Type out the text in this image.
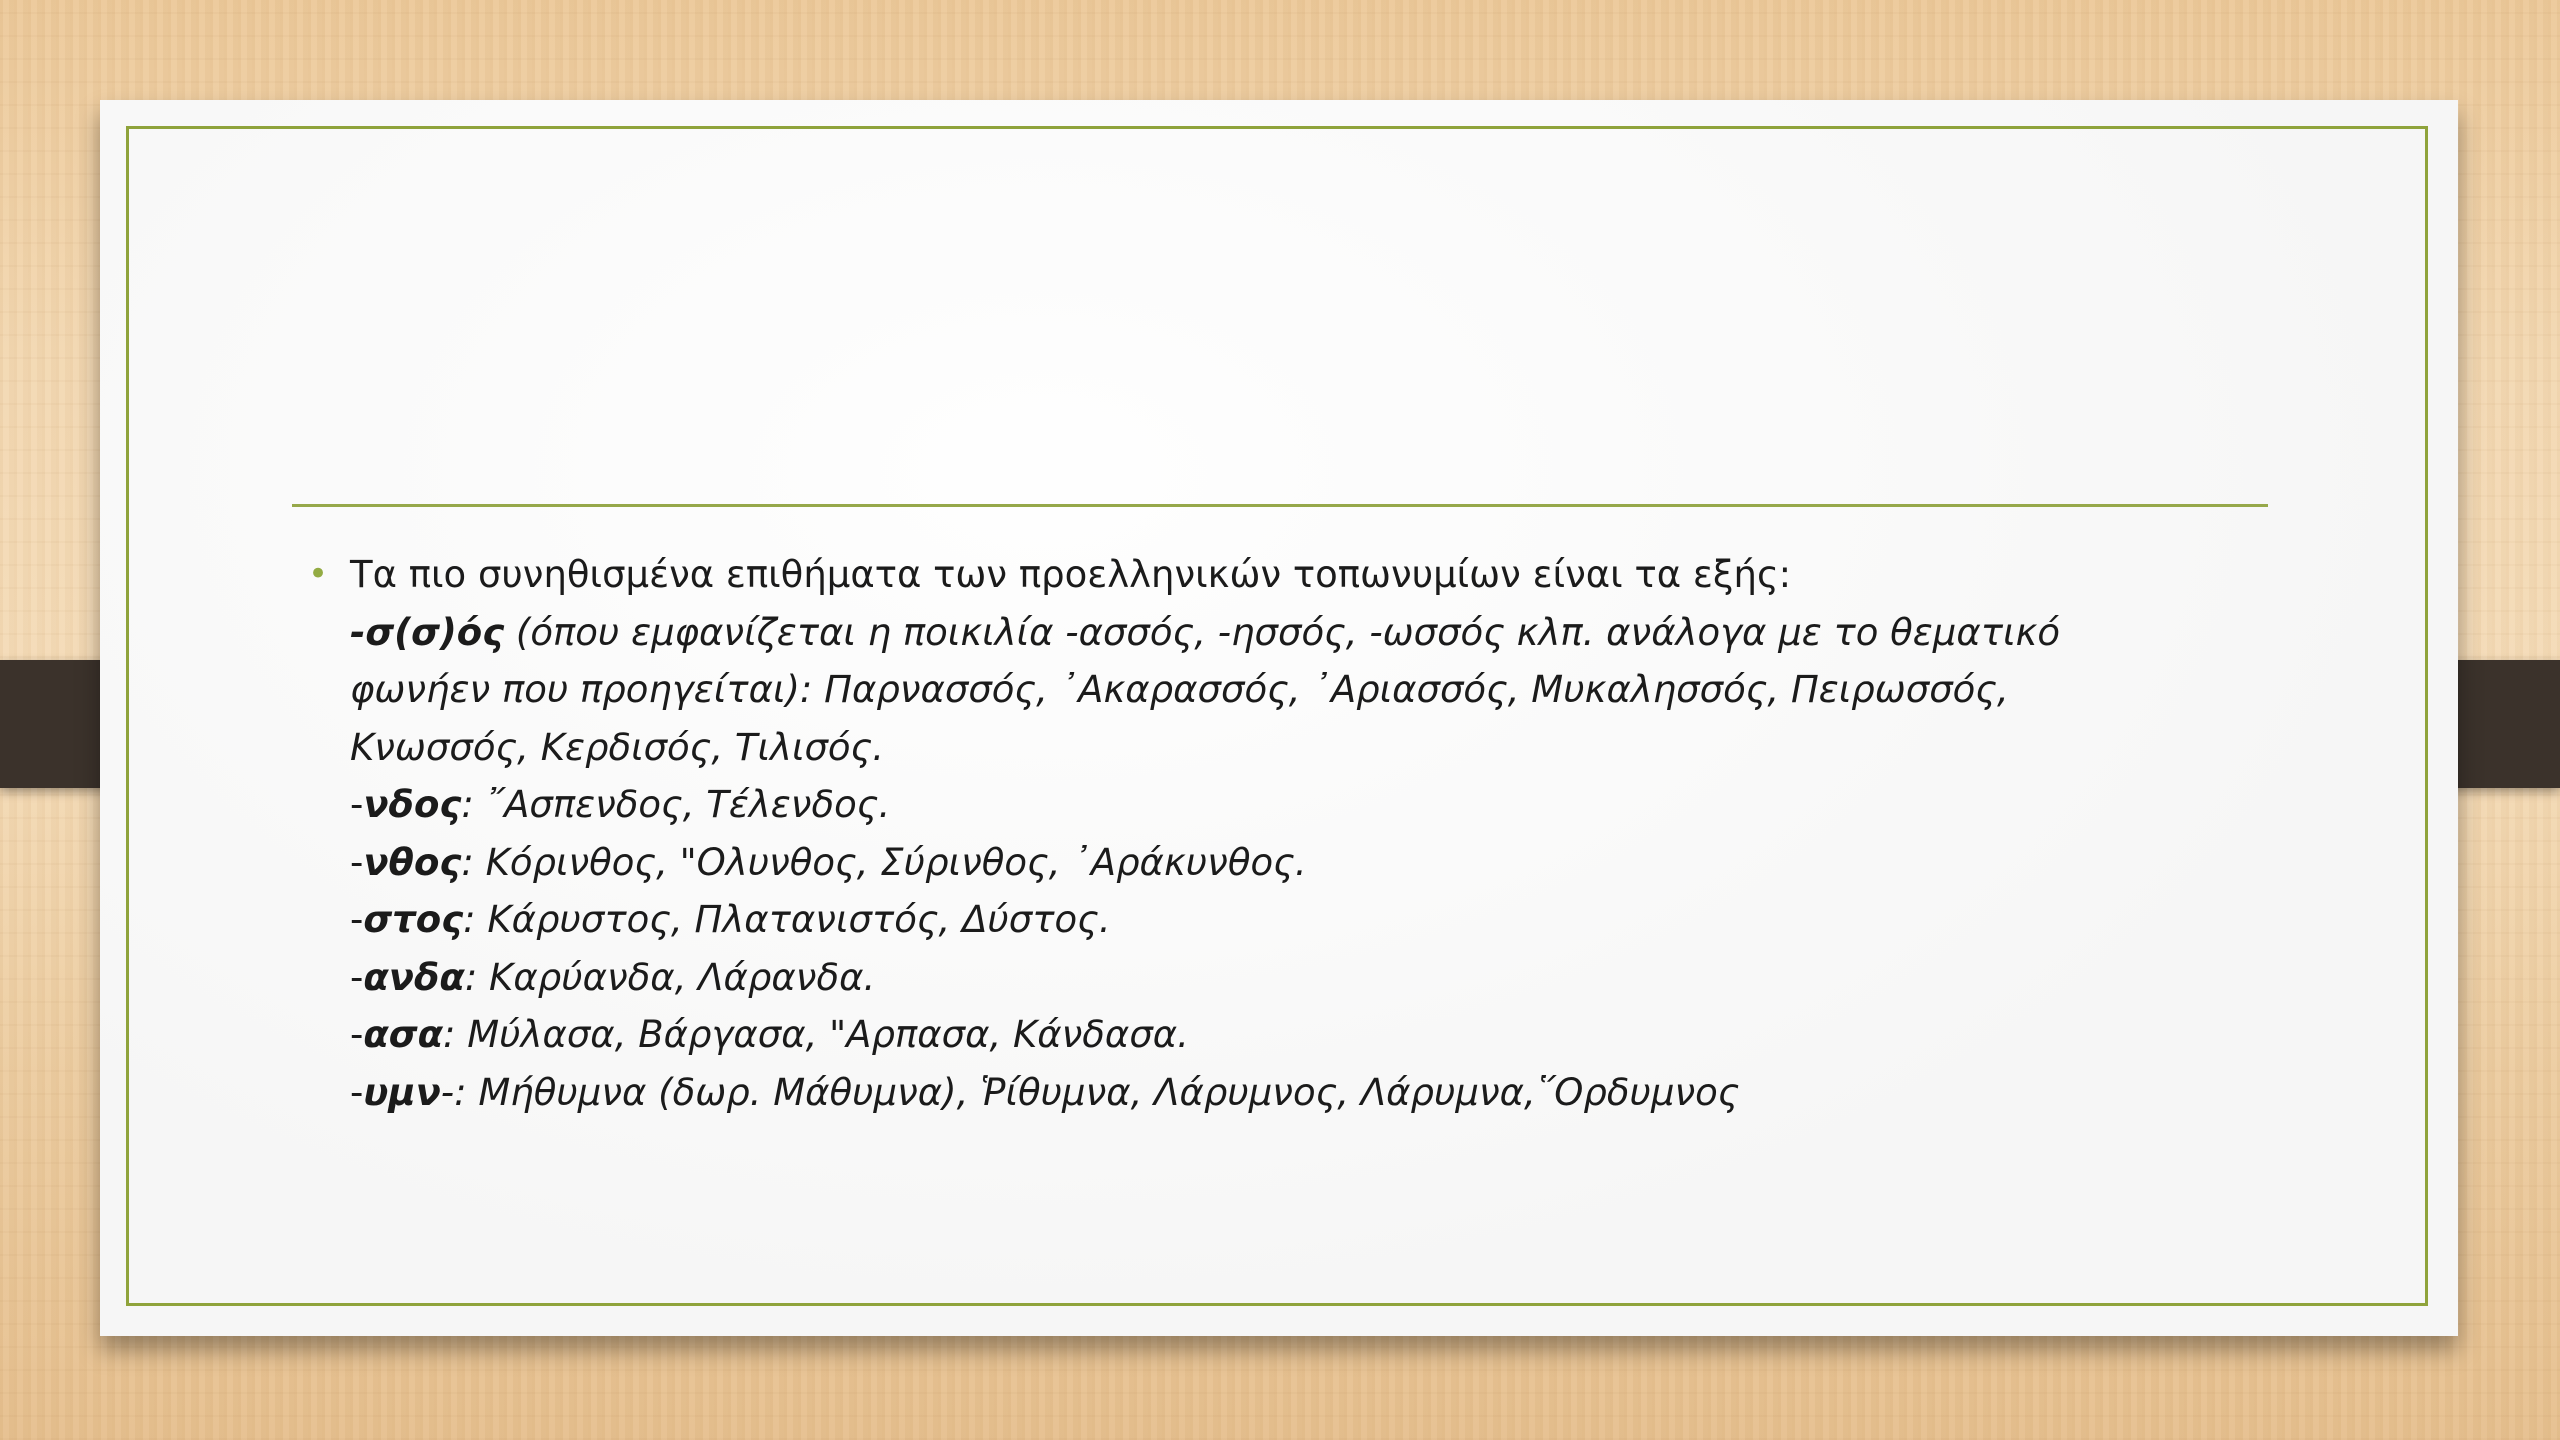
• Τα πιο συνηθισμένα επιθήματα των προελληνικών τοπωνυμίων είναι τα εξής:
-σ(σ)ός (όπου εμφανίζεται η ποικιλία -ασσός, -ησσός, -ωσσός κλπ. ανάλογα με το θεματικό
φωνήεν που προηγείται): Παρνασσός, ᾿Ακαρασσός, ᾿Αριασσός, Μυκαλησσός, Πειρωσσός,
Κνωσσός, Κερδισός, Τιλισός.
-νδος: ῎Ασπενδος, Τέλενδος.
-νθος: Κόρινθος, "Ολυνθος, Σύρινθος, ᾿Αράκυνθος.
-στος: Κάρυστος, Πλατανιστός, Δύστος.
-ανδα: Καρύανδα, Λάρανδα.
-ασα: Μύλασα, Βάργασα, "Αρπασα, Κάνδασα.
-υμν-: Μήθυμνα (δωρ. Μάθυμνα), Ῥίθυμνα, Λάρυμνος, Λάρυμνα,῞Ορδυμνος
